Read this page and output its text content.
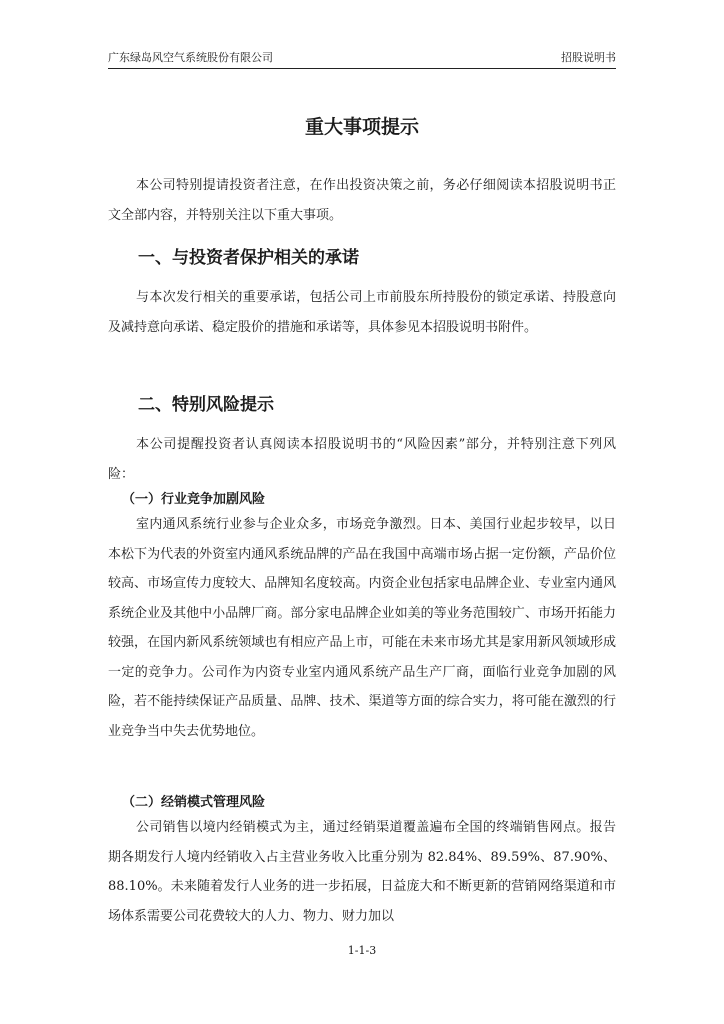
广东绿岛风空气系统股份有限公司	招股说明书
重大事项提示

本公司特别提请投资者注意，在作出投资决策之前，务必仔细阅读本招股说明书正文全部内容，并特别关注以下重大事项。

一、与投资者保护相关的承诺

与本次发行相关的重要承诺，包括公司上市前股东所持股份的锁定承诺、持股意向及减持意向承诺、稳定股价的措施和承诺等，具体参见本招股说明书附件。

二、特别风险提示

本公司提醒投资者认真阅读本招股说明书的“风险因素”部分，并特别注意下列风险：

（一）行业竞争加剧风险

室内通风系统行业参与企业众多，市场竞争激烈。日本、美国行业起步较早，以日本松下为代表的外资室内通风系统品牌的产品在我国中高端市场占据一定份额，产品价位较高、市场宣传力度较大、品牌知名度较高。内资企业包括家电品牌企业、专业室内通风系统企业及其他中小品牌厂商。部分家电品牌企业如美的等业务范围较广、市场开拓能力较强，在国内新风系统领域也有相应产品上市，可能在未来市场尤其是家用新风领域形成一定的竞争力。公司作为内资专业室内通风系统产品生产厂商，面临行业竞争加剧的风险，若不能持续保证产品质量、品牌、技术、渠道等方面的综合实力，将可能在激烈的行业竞争当中失去优势地位。

（二）经销模式管理风险

公司销售以境内经销模式为主，通过经销渠道覆盖遍布全国的终端销售网点。报告期各期发行人境内经销收入占主营业务收入比重分别为 82.84%、89.59%、87.90%、88.10%。未来随着发行人业务的进一步拓展，日益庞大和不断更新的营销网络渠道和市场体系需要公司花费较大的人力、物力、财力加以

1-1-3
